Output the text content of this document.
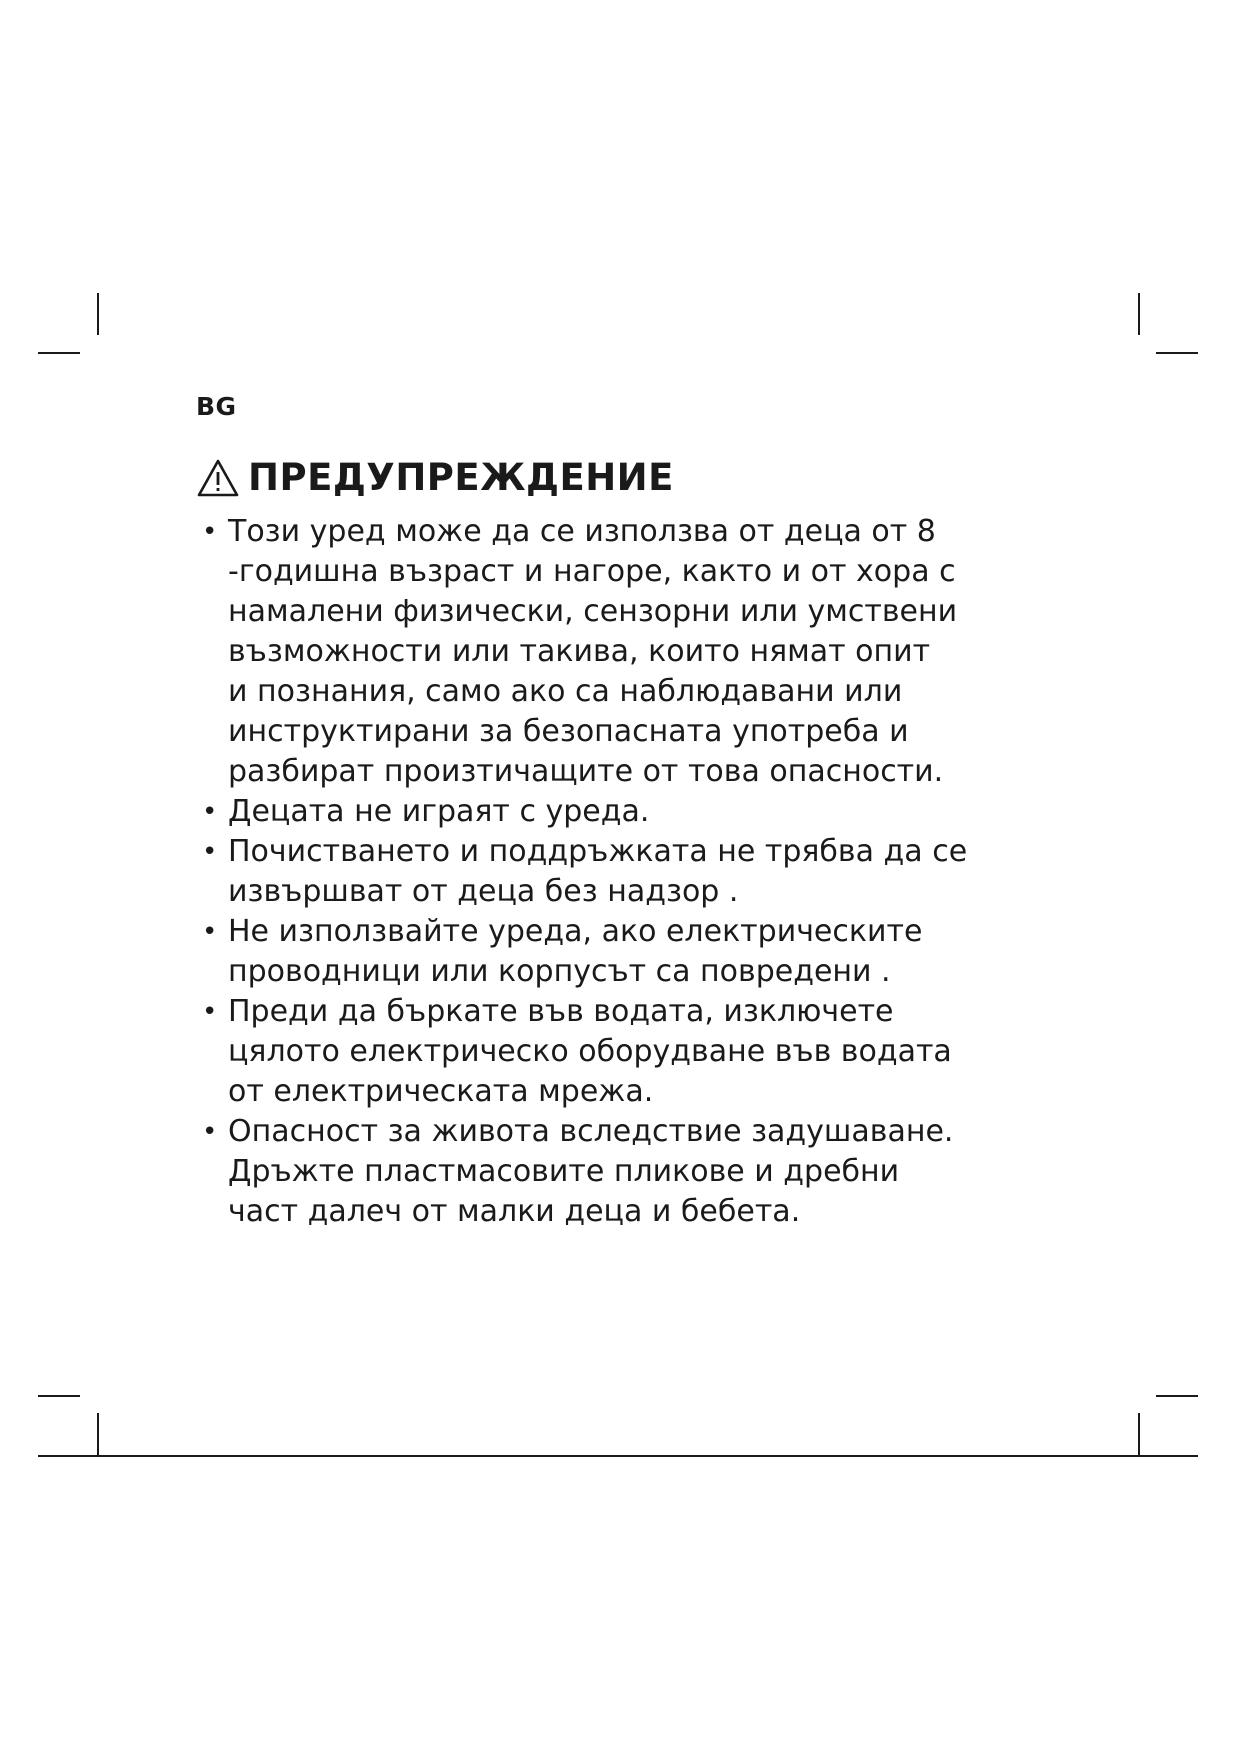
BG
ПРЕДУПРЕЖДЕНИЕ
• Този уред може да се използва от деца от 8
-годишна възраст и нагоре, както и от хора с
намалени физически, сензорни или умствени
възможности или такива, които нямат опит
и познания, само ако са наблюдавани или
инструктирани за безопасната употреба и
разбират произтичащите от това опасности.
• Децата не играят с уреда.
• Почистването и поддръжката не трябва да се
извършват от деца без надзор .
• Не използвайте уреда, ако електрическите
проводници или корпусът са повредени .
• Преди да бъркате във водата, изключете
цялото електрическо оборудване във водата
от електрическата мрежа.
• Опасност за живота вследствие задушаване.
Дръжте пластмасовите пликове и дребни
част далеч от малки деца и бебета.
